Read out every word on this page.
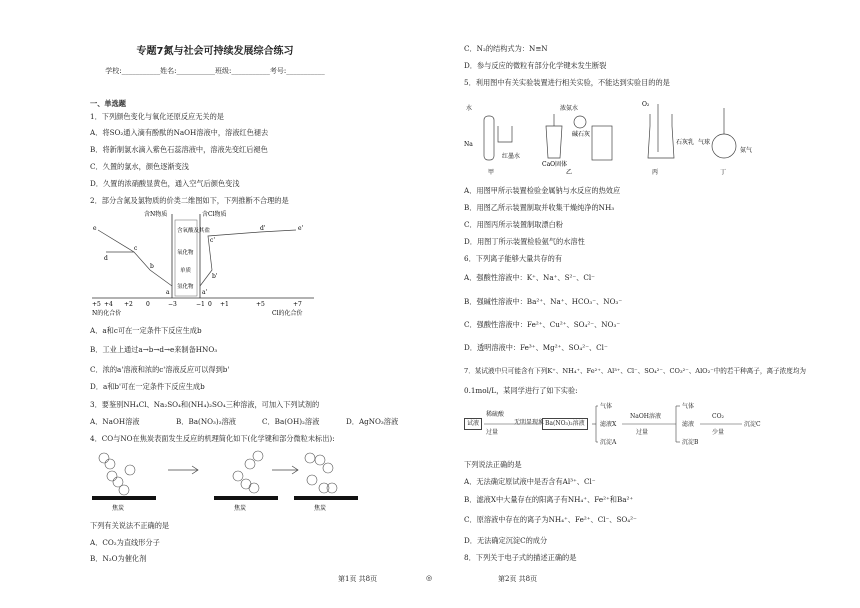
专题7氮与社会可持续发展综合练习
学校:___________姓名:___________班级:___________考号:___________
一、单选题
1．下列颜色变化与氧化还原反应无关的是
A．将SO₂通入滴有酚酞的NaOH溶液中，溶液红色褪去
B．将新制氯水滴入紫色石蕊溶液中，溶液先变红后褪色
C．久置的氯水，颜色逐渐变浅
D．久置的浓硝酸显黄色，通入空气后颜色变浅
2．部分含氮及氯物质的价类二维图如下，下列推断不合理的是
含N物质	含Cl物质
含氧酸及其盐
氧化物
单质
氢化物
e
c
d
b
a	a'
b'
c'
d'	e'
+5 +4 +2 0	−3	−1 0 +1	+5	+7
N的化合价	Cl的化合价
A．a和c可在一定条件下反应生成b
B．工业上通过a→b→d→e来制备HNO₃
C．浓的a'溶液和浓的c'溶液反应可以得到b'
D．a和b'可在一定条件下反应生成b
3．要鉴别NH₄Cl、Na₂SO₄和(NH₄)₂SO₄三种溶液，可加入下列试剂的
A．NaOH溶液	B．Ba(NO₃)₂溶液	C．Ba(OH)₂溶液	D．AgNO₃溶液
4．CO与NO在焦炭表面发生反应的机理简化如下(化学键和部分微粒未标出):
焦炭	焦炭	焦炭
下列有关说法不正确的是
A．CO₂为直线形分子
B．N₂O为催化剂
第1页 共8页	◎
C．N₂的结构式为：N≡N
D．参与反应的微粒有部分化学键未发生断裂
5．利用图中有关实验装置进行相关实验，不能达到实验目的的是
水
Na
红墨水
甲
浓氨水
碱石灰
CaO固体
乙
O₂
石灰乳
丙
气球
氨气
丁
A．用图甲所示装置检验金属钠与水反应的热效应
B．用图乙所示装置制取并收集干燥纯净的NH₃
C．用图丙所示装置制取漂白粉
D．用图丁所示装置检验氨气的水溶性
6．下列离子能够大量共存的有
A．强酸性溶液中：K⁺、Na⁺、S²⁻、Cl⁻
B．强碱性溶液中：Ba²⁺、Na⁺、HCO₃⁻、NO₃⁻
C．强酸性溶液中：Fe²⁺、Cu²⁺、SO₄²⁻、NO₃⁻
D．透明溶液中：Fe³⁺、Mg²⁺、SO₄²⁻、Cl⁻
7．某试液中只可能含有下列K⁺、NH₄⁺、Fe²⁺、Al³⁺、Cl⁻、SO₄²⁻、CO₃²⁻、AlO₂⁻中的若干种离子，离子浓度均为
0.1mol/L，某同学进行了如下实验:
试液
稀硫酸
过量
无明显现象 Ba(NO₃)₂溶液
气体
滤液X
沉淀A
NaOH溶液
过量
气体
滤液
沉淀B
CO₂
少量
沉淀C
下列说法正确的是
A．无法确定原试液中是否含有Al³⁺、Cl⁻
B．滤液X中大量存在的阳离子有NH₄⁺、Fe²⁺和Ba²⁺
C．原溶液中存在的离子为NH₄⁺、Fe²⁺、Cl⁻、SO₄²⁻
D．无法确定沉淀C的成分
8．下列关于电子式的描述正确的是
第2页 共8页
